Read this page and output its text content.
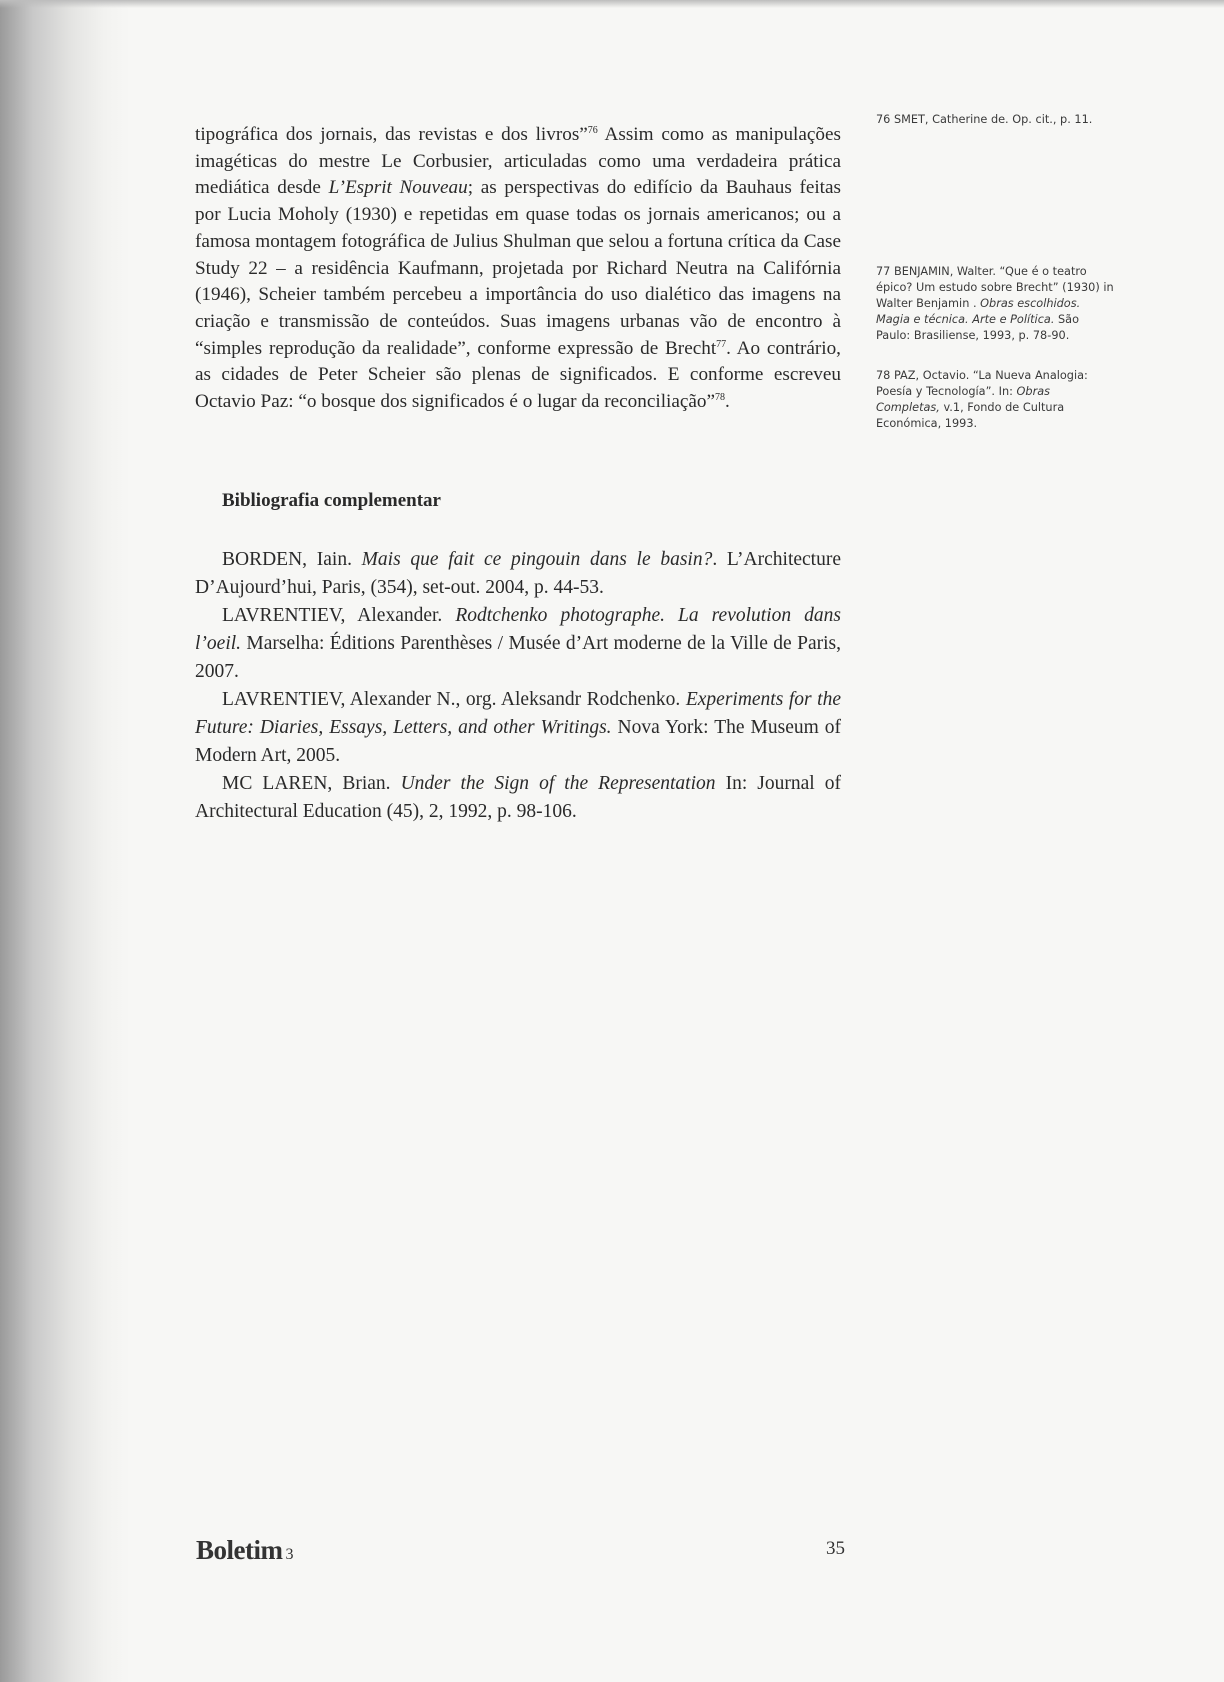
tipográfica dos jornais, das revistas e dos livros”$^{76}$ Assim como as manipulações imagéticas do mestre Le Corbusier, articuladas como uma verdadeira prática mediática desde L’Esprit Nouveau; as perspectivas do edifício da Bauhaus feitas por Lucia Moholy (1930) e repetidas em quase todas os jornais americanos; ou a famosa montagem fotográfica de Julius Shulman que selou a fortuna crítica da Case Study 22 – a residência Kaufmann, projetada por Richard Neutra na Califórnia (1946), Scheier também percebeu a importância do uso dialético das imagens na criação e transmissão de conteúdos. Suas imagens urbanas vão de encontro à “simples reprodução da realidade”, conforme expressão de Brecht$^{77}$. Ao contrário, as cidades de Peter Scheier são plenas de significados. E conforme escreveu Octavio Paz: “o bosque dos significados é o lugar da reconciliação”$^{78}$.

Bibliografia complementar

BORDEN, Iain. Mais que fait ce pingouin dans le basin?. L’Architecture D’Aujourd’hui, Paris, (354), set-out. 2004, p. 44-53.

LAVRENTIEV, Alexander. Rodtchenko photographe. La revolution dans l’oeil. Marselha: Éditions Parenthèses / Musée d’Art moderne de la Ville de Paris, 2007.

LAVRENTIEV, Alexander N., org. Aleksandr Rodchenko. Experiments for the Future: Diaries, Essays, Letters, and other Writings. Nova York: The Museum of Modern Art, 2005.

MC LAREN, Brian. Under the Sign of the Representation In: Journal of Architectural Education (45), 2, 1992, p. 98-106.

76 SMET, Catherine de. Op. cit., p. 11.

77 BENJAMIN, Walter. “Que é o teatro épico? Um estudo sobre Brecht” (1930) in Walter Benjamin . Obras escolhidos. Magia e técnica. Arte e Política. São Paulo: Brasiliense, 1993, p. 78-90.

78 PAZ, Octavio. “La Nueva Analogia: Poesía y Tecnología”. In: Obras Completas, v.1, Fondo de Cultura Económica, 1993.

Boletim 3	35
